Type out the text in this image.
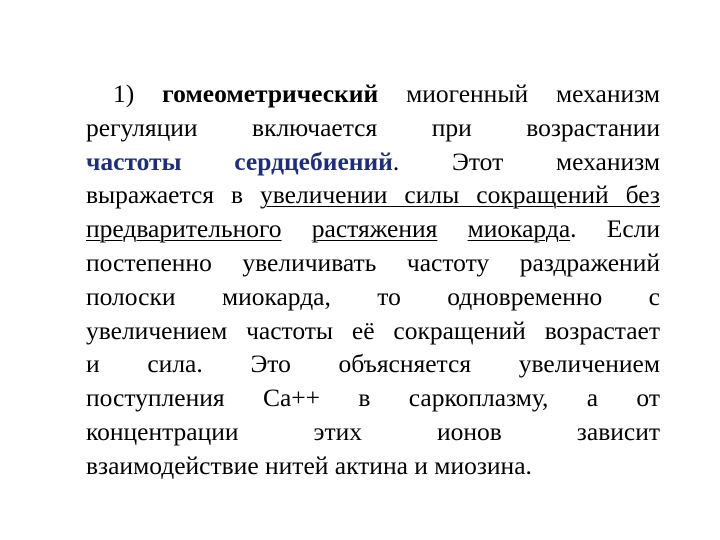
1) гомеометрический миогенный механизм
регуляции включается при возрастании
частоты сердцебиений. Этот механизм
выражается в увеличении силы сокращений без
предварительного растяжения миокарда. Если
постепенно увеличивать частоту раздражений
полоски миокарда, то одновременно с
увеличением частоты её сокращений возрастает
и сила. Это объясняется увеличением
поступления Са++ в саркоплазму, а от
концентрации этих ионов зависит
взаимодействие нитей актина и миозина.
